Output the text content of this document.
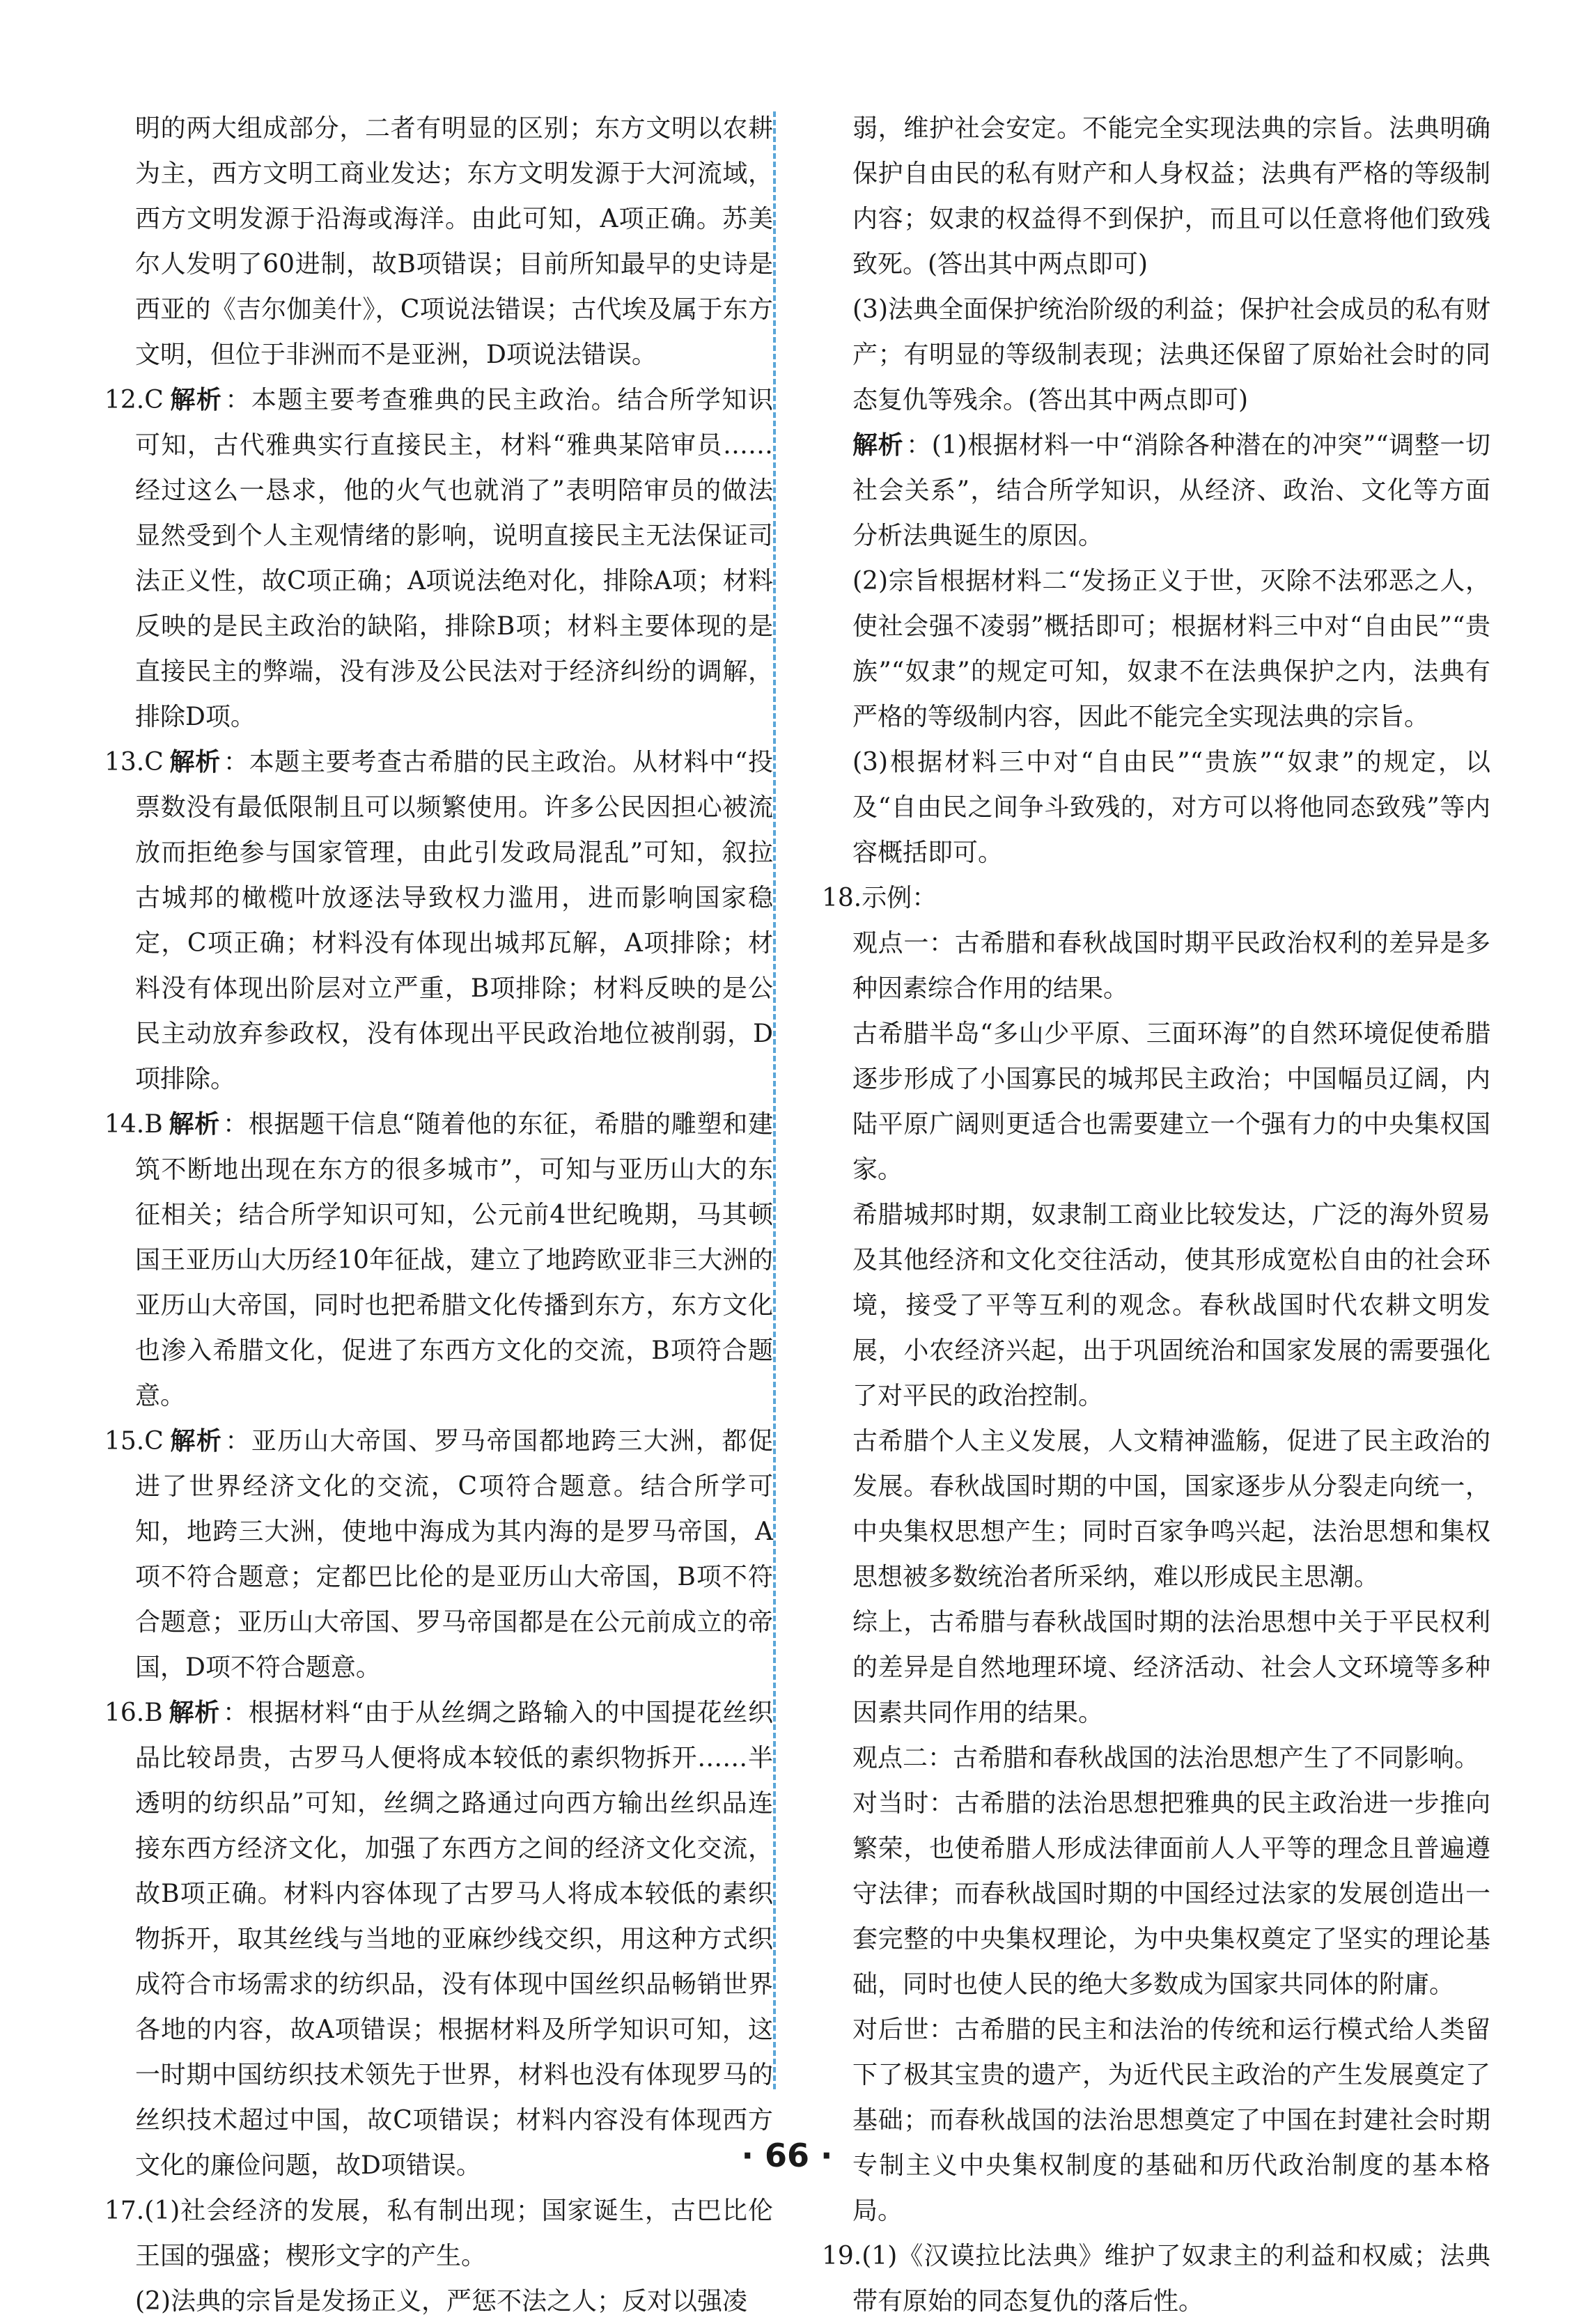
明的两大组成部分，二者有明显的区别；东方文明以农耕为主，西方文明工商业发达；东方文明发源于大河流域，西方文明发源于沿海或海洋。由此可知，A项正确。苏美尔人发明了60进制，故B项错误；目前所知最早的史诗是西亚的《吉尔伽美什》，C项说法错误；古代埃及属于东方文明，但位于非洲而不是亚洲，D项说法错误。
12.C 解析 ：本题主要考查雅典的民主政治。结合所学知识可知，古代雅典实行直接民主，材料“雅典某陪审员……经过这么一恳求，他的火气也就消了”表明陪审员的做法显然受到个人主观情绪的影响，说明直接民主无法保证司法正义性，故C项正确；A项说法绝对化，排除A项；材料反映的是民主政治的缺陷，排除B项；材料主要体现的是直接民主的弊端，没有涉及公民法对于经济纠纷的调解，排除D项。
13.C 解析 ：本题主要考查古希腊的民主政治。从材料中“投票数没有最低限制且可以频繁使用。许多公民因担心被流放而拒绝参与国家管理，由此引发政局混乱”可知，叙拉古城邦的橄榄叶放逐法导致权力滥用，进而影响国家稳定，C项正确；材料没有体现出城邦瓦解，A项排除；材料没有体现出阶层对立严重，B项排除；材料反映的是公民主动放弃参政权，没有体现出平民政治地位被削弱，D项排除。
14.B 解析 ：根据题干信息“随着他的东征，希腊的雕塑和建筑不断地出现在东方的很多城市”，可知与亚历山大的东征相关；结合所学知识可知，公元前4世纪晚期，马其顿国王亚历山大历经10年征战，建立了地跨欧亚非三大洲的亚历山大帝国，同时也把希腊文化传播到东方，东方文化也渗入希腊文化，促进了东西方文化的交流，B项符合题意。
15.C 解析 ：亚历山大帝国、罗马帝国都地跨三大洲，都促进了世界经济文化的交流，C项符合题意。结合所学可知，地跨三大洲，使地中海成为其内海的是罗马帝国，A项不符合题意；定都巴比伦的是亚历山大帝国，B项不符合题意；亚历山大帝国、罗马帝国都是在公元前成立的帝国，D项不符合题意。
16.B 解析 ：根据材料“由于从丝绸之路输入的中国提花丝织品比较昂贵，古罗马人便将成本较低的素织物拆开……半透明的纺织品”可知，丝绸之路通过向西方输出丝织品连接东西方经济文化，加强了东西方之间的经济文化交流，故B项正确。材料内容体现了古罗马人将成本较低的素织物拆开，取其丝线与当地的亚麻纱线交织，用这种方式织成符合市场需求的纺织品，没有体现中国丝织品畅销世界各地的内容，故A项错误；根据材料及所学知识可知，这一时期中国纺织技术领先于世界，材料也没有体现罗马的丝织技术超过中国，故C项错误；材料内容没有体现西方文化的廉俭问题，故D项错误。
17.(1)社会经济的发展，私有制出现；国家诞生，古巴比伦王国的强盛；楔形文字的产生。
(2)法典的宗旨是发扬正义，严惩不法之人；反对以强凌
弱，维护社会安定。不能完全实现法典的宗旨。法典明确保护自由民的私有财产和人身权益；法典有严格的等级制内容；奴隶的权益得不到保护，而且可以任意将他们致残致死。(答出其中两点即可)
(3)法典全面保护统治阶级的利益；保护社会成员的私有财产；有明显的等级制表现；法典还保留了原始社会时的同态复仇等残余。(答出其中两点即可)
解析 ：(1)根据材料一中“消除各种潜在的冲突”“调整一切社会关系”，结合所学知识，从经济、政治、文化等方面分析法典诞生的原因。
(2)宗旨根据材料二“发扬正义于世，灭除不法邪恶之人，使社会强不凌弱”概括即可；根据材料三中对“自由民”“贵族”“奴隶”的规定可知，奴隶不在法典保护之内，法典有严格的等级制内容，因此不能完全实现法典的宗旨。
(3)根据材料三中对“自由民”“贵族”“奴隶”的规定，以及“自由民之间争斗致残的，对方可以将他同态致残”等内容概括即可。
18.示例：
观点一：古希腊和春秋战国时期平民政治权利的差异是多种因素综合作用的结果。
古希腊半岛“多山少平原、三面环海”的自然环境促使希腊逐步形成了小国寡民的城邦民主政治；中国幅员辽阔，内陆平原广阔则更适合也需要建立一个强有力的中央集权国家。
希腊城邦时期，奴隶制工商业比较发达，广泛的海外贸易及其他经济和文化交往活动，使其形成宽松自由的社会环境，接受了平等互利的观念。春秋战国时代农耕文明发展，小农经济兴起，出于巩固统治和国家发展的需要强化了对平民的政治控制。
古希腊个人主义发展，人文精神滥觞，促进了民主政治的发展。春秋战国时期的中国，国家逐步从分裂走向统一，中央集权思想产生；同时百家争鸣兴起，法治思想和集权思想被多数统治者所采纳，难以形成民主思潮。
综上，古希腊与春秋战国时期的法治思想中关于平民权利的差异是自然地理环境、经济活动、社会人文环境等多种因素共同作用的结果。
观点二：古希腊和春秋战国的法治思想产生了不同影响。
对当时：古希腊的法治思想把雅典的民主政治进一步推向繁荣，也使希腊人形成法律面前人人平等的理念且普遍遵守法律；而春秋战国时期的中国经过法家的发展创造出一套完整的中央集权理论，为中央集权奠定了坚实的理论基础，同时也使人民的绝大多数成为国家共同体的附庸。
对后世：古希腊的民主和法治的传统和运行模式给人类留下了极其宝贵的遗产，为近代民主政治的产生发展奠定了基础；而春秋战国的法治思想奠定了中国在封建社会时期专制主义中央集权制度的基础和历代政治制度的基本格局。
19.(1)《汉谟拉比法典》维护了奴隶主的利益和权威；法典带有原始的同态复仇的落后性。
· 66 ·
